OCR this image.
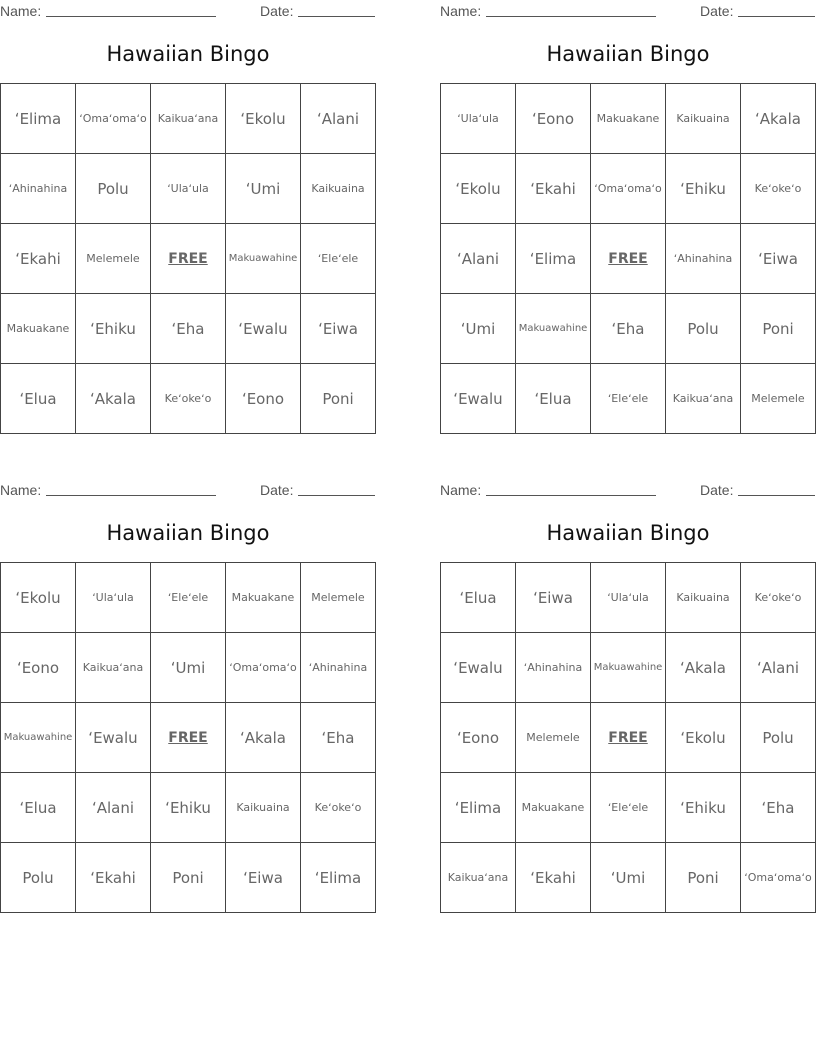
Name:	Date:
Hawaiian Bingo
ʻElima	ʻOmaʻomaʻo	Kaikuaʻana	ʻEkolu	ʻAlani
ʻAhinahina	Polu	ʻUlaʻula	ʻUmi	Kaikuaina
ʻEkahi	Melemele	FREE	Makuawahine	ʻEleʻele
Makuakane	ʻEhiku	ʻEha	ʻEwalu	ʻEiwa
ʻElua	ʻAkala	Keʻokeʻo	ʻEono	Poni
Name:	Date:
Hawaiian Bingo
ʻUlaʻula	ʻEono	Makuakane	Kaikuaina	ʻAkala
ʻEkolu	ʻEkahi	ʻOmaʻomaʻo	ʻEhiku	Keʻokeʻo
ʻAlani	ʻElima	FREE	ʻAhinahina	ʻEiwa
ʻUmi	Makuawahine	ʻEha	Polu	Poni
ʻEwalu	ʻElua	ʻEleʻele	Kaikuaʻana	Melemele
Name:	Date:
Hawaiian Bingo
ʻEkolu	ʻUlaʻula	ʻEleʻele	Makuakane	Melemele
ʻEono	Kaikuaʻana	ʻUmi	ʻOmaʻomaʻo	ʻAhinahina
Makuawahine	ʻEwalu	FREE	ʻAkala	ʻEha
ʻElua	ʻAlani	ʻEhiku	Kaikuaina	Keʻokeʻo
Polu	ʻEkahi	Poni	ʻEiwa	ʻElima
Name:	Date:
Hawaiian Bingo
ʻElua	ʻEiwa	ʻUlaʻula	Kaikuaina	Keʻokeʻo
ʻEwalu	ʻAhinahina	Makuawahine	ʻAkala	ʻAlani
ʻEono	Melemele	FREE	ʻEkolu	Polu
ʻElima	Makuakane	ʻEleʻele	ʻEhiku	ʻEha
Kaikuaʻana	ʻEkahi	ʻUmi	Poni	ʻOmaʻomaʻo
